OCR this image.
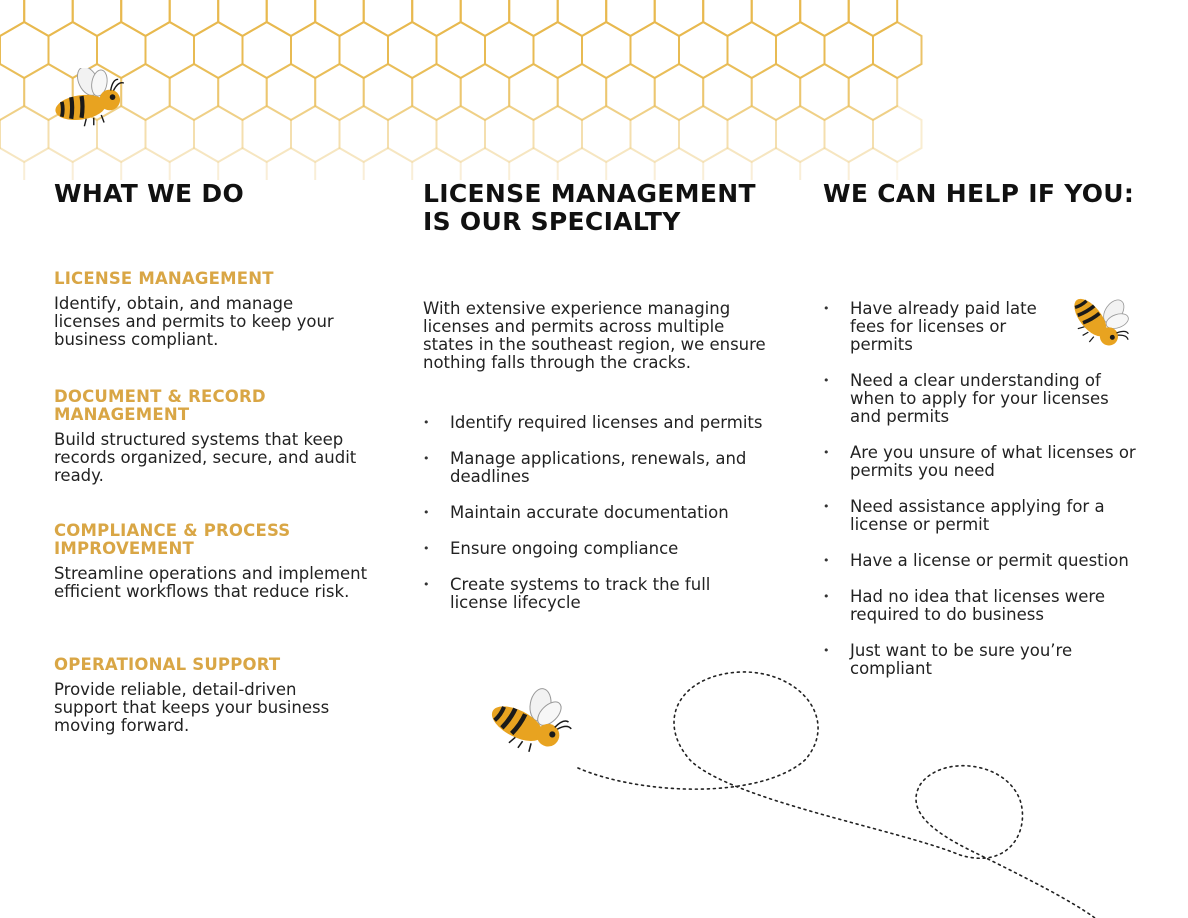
WHAT WE DO
LICENSE MANAGEMENT

Identify, obtain, and manage licenses and permits to keep your business compliant.

DOCUMENT & RECORD MANAGEMENT

Build structured systems that keep records organized, secure, and audit ready.

COMPLIANCE & PROCESS IMPROVEMENT

Streamline operations and implement efficient workflows that reduce risk.

OPERATIONAL SUPPORT

Provide reliable, detail-driven support that keeps your business moving forward.

LICENSE MANAGEMENT IS OUR SPECIALTY

With extensive experience managing licenses and permits across multiple states in the southeast region, we ensure nothing falls through the cracks.

• Identify required licenses and permits
• Manage applications, renewals, and deadlines
• Maintain accurate documentation
• Ensure ongoing compliance
• Create systems to track the full license lifecycle
WE CAN HELP IF YOU:
• Have already paid late fees for licenses or permits
• Need a clear understanding of when to apply for your licenses and permits
• Are you unsure of what licenses or permits you need
• Need assistance applying for a license or permit
• Have a license or permit question
• Had no idea that licenses were required to do business
• Just want to be sure you’re compliant
